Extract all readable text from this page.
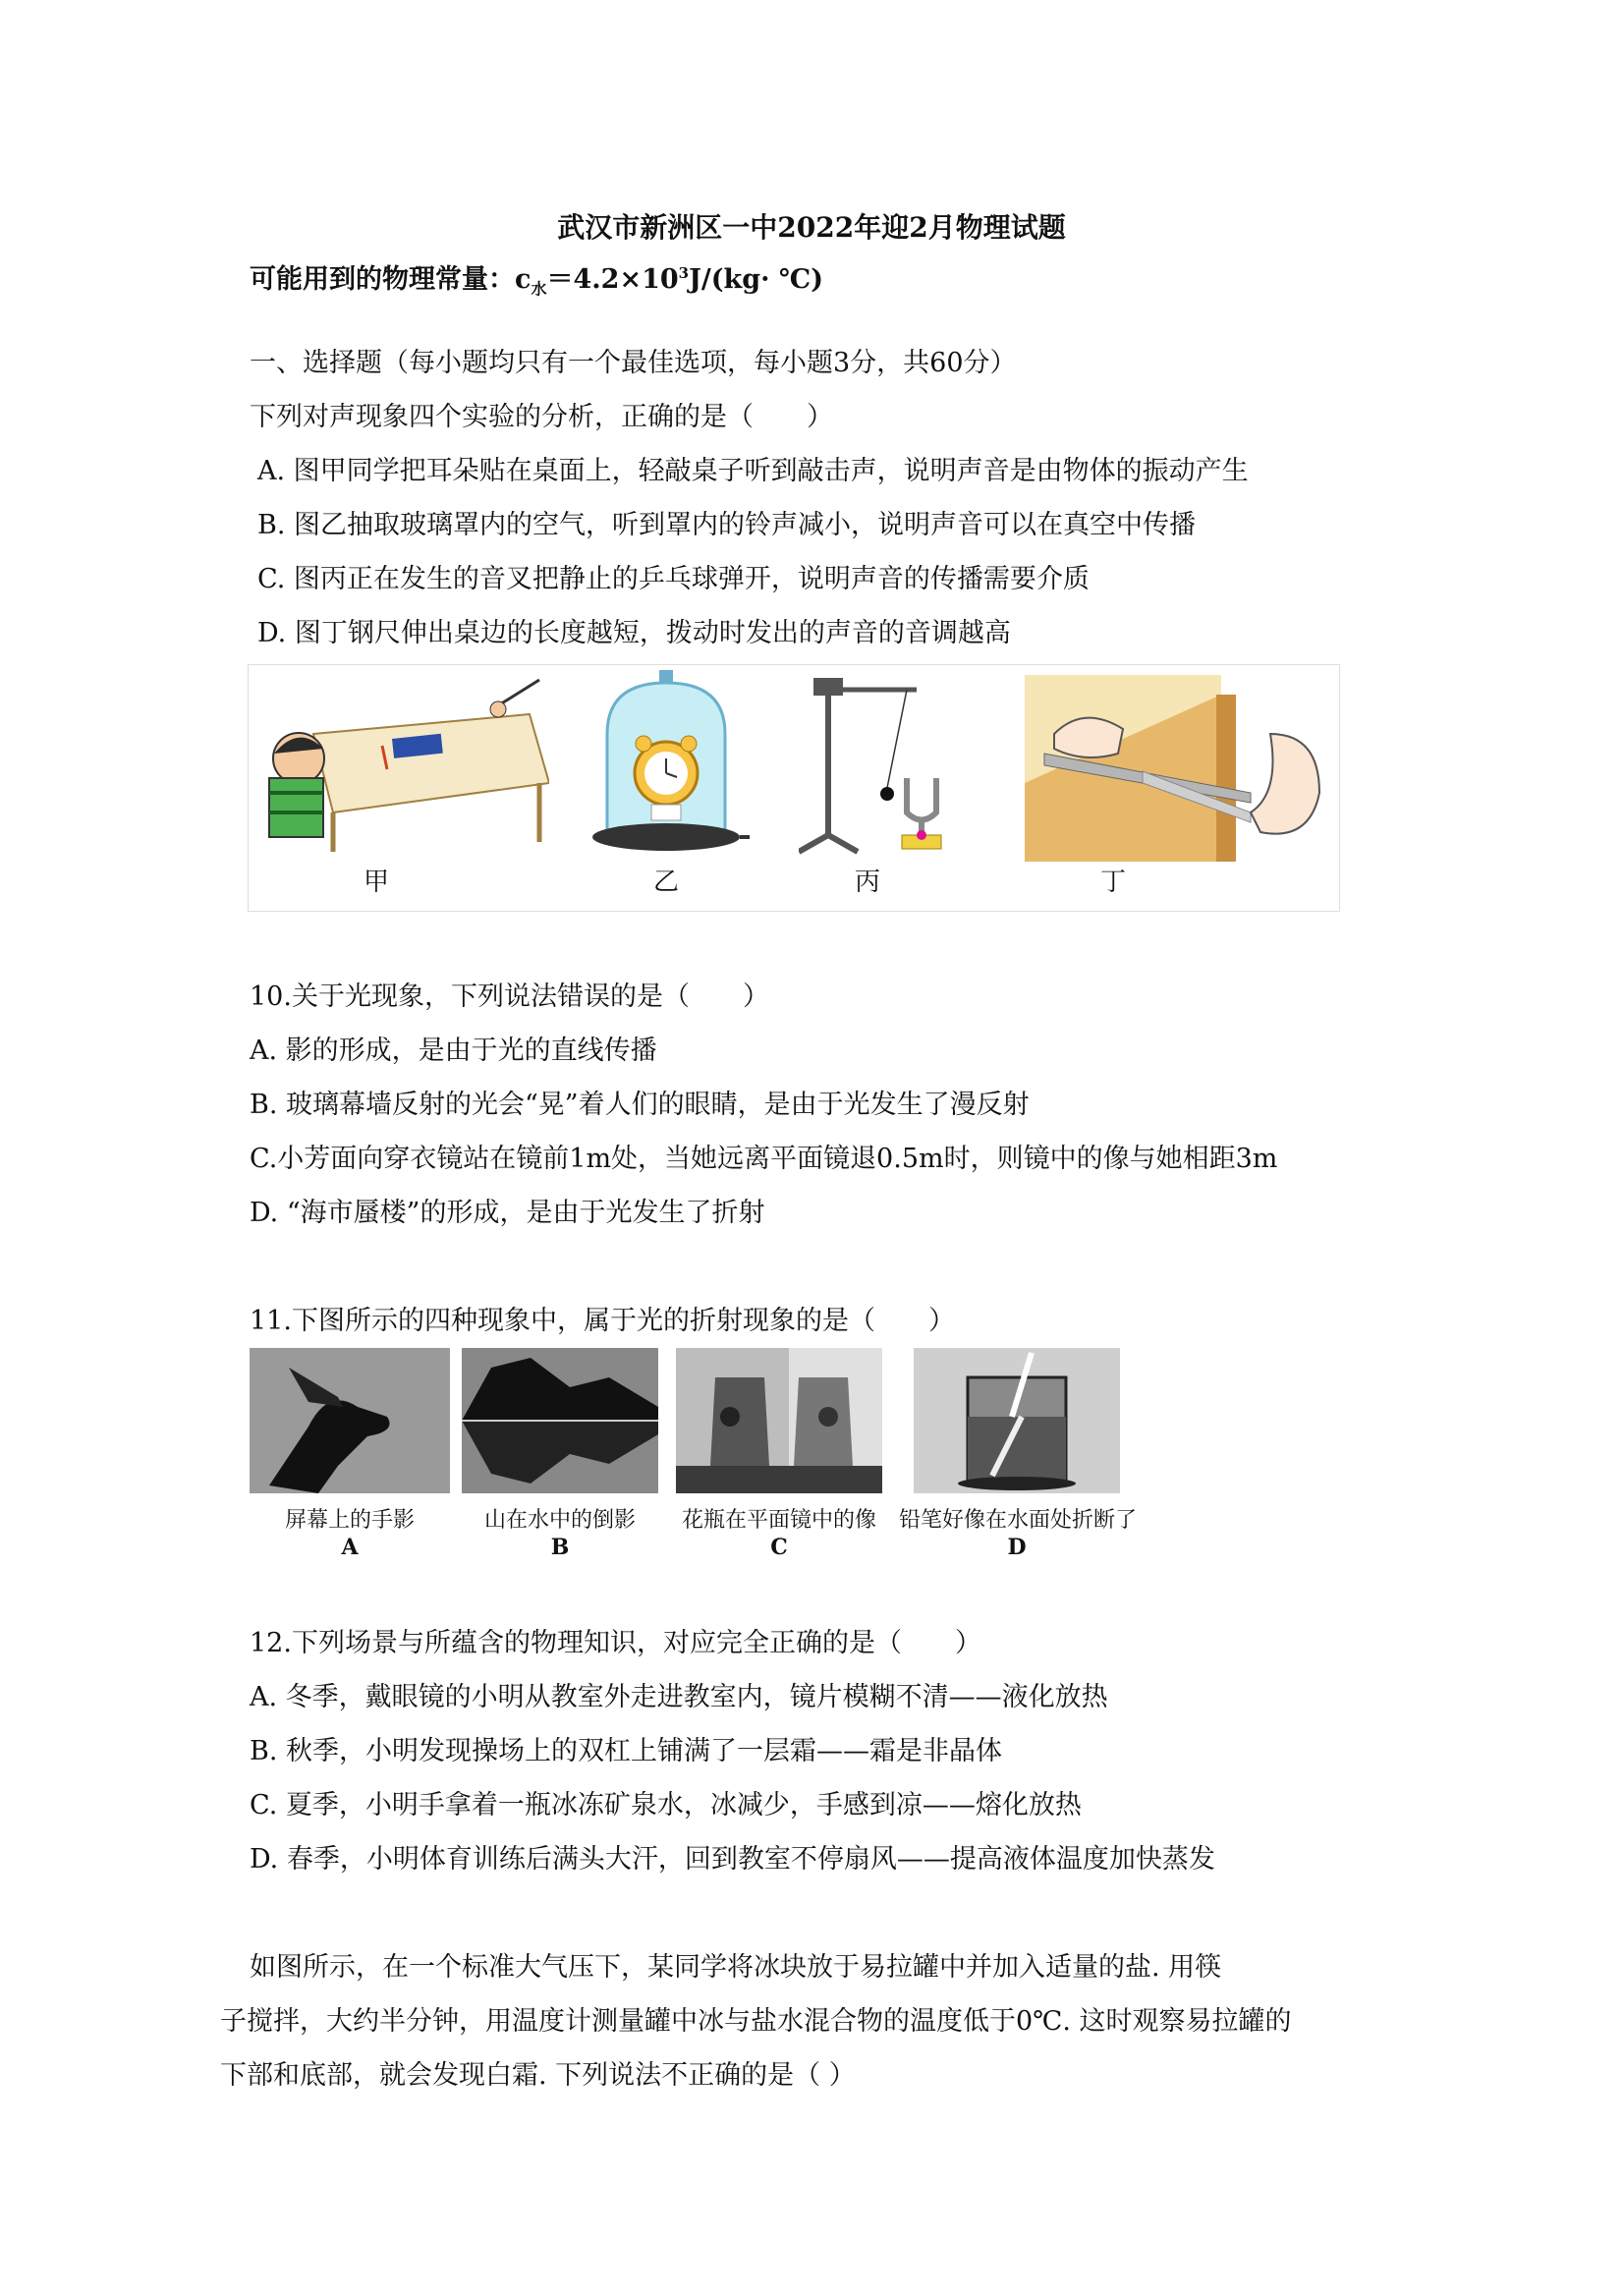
武汉市新洲区一中2022年迎2月物理试题
可能用到的物理常量：$c_水=4.2\times 10^3J/(kg\cdot$ ℃)
一、选择题（每小题均只有一个最佳选项，每小题3分，共60分）
下列对声现象四个实验的分析，正确的是（　　）
A. 图甲同学把耳朵贴在桌面上，轻敲桌子听到敲击声，说明声音是由物体的振动产生
B. 图乙抽取玻璃罩内的空气，听到罩内的铃声减小，说明声音可以在真空中传播
C. 图丙正在发生的音叉把静止的乒乓球弹开，说明声音的传播需要介质
D. 图丁钢尺伸出桌边的长度越短，拨动时发出的声音的音调越高
甲	乙	丙	丁
10.关于光现象，下列说法错误的是（　　）
A. 影的形成，是由于光的直线传播
B. 玻璃幕墙反射的光会“晃”着人们的眼睛，是由于光发生了漫反射
C.小芳面向穿衣镜站在镜前1m处，当她远离平面镜退0.5m时，则镜中的像与她相距3m
D. “海市蜃楼”的形成，是由于光发生了折射
11.下图所示的四种现象中，属于光的折射现象的是（　　）
屏幕上的手影	山在水中的倒影	花瓶在平面镜中的像 铅笔好像在水面处折断了
A	B	C	D
12.下列场景与所蕴含的物理知识，对应完全正确的是（　　）
A. 冬季，戴眼镜的小明从教室外走进教室内，镜片模糊不清——液化放热
B. 秋季，小明发现操场上的双杠上铺满了一层霜——霜是非晶体
C. 夏季，小明手拿着一瓶冰冻矿泉水，冰减少，手感到凉——熔化放热
D. 春季，小明体育训练后满头大汗，回到教室不停扇风——提高液体温度加快蒸发
如图所示，在一个标准大气压下，某同学将冰块放于易拉罐中并加入适量的盐. 用筷
子搅拌，大约半分钟，用温度计测量罐中冰与盐水混合物的温度低于0℃. 这时观察易拉罐的
下部和底部，就会发现白霜. 下列说法不正确的是（ ）
